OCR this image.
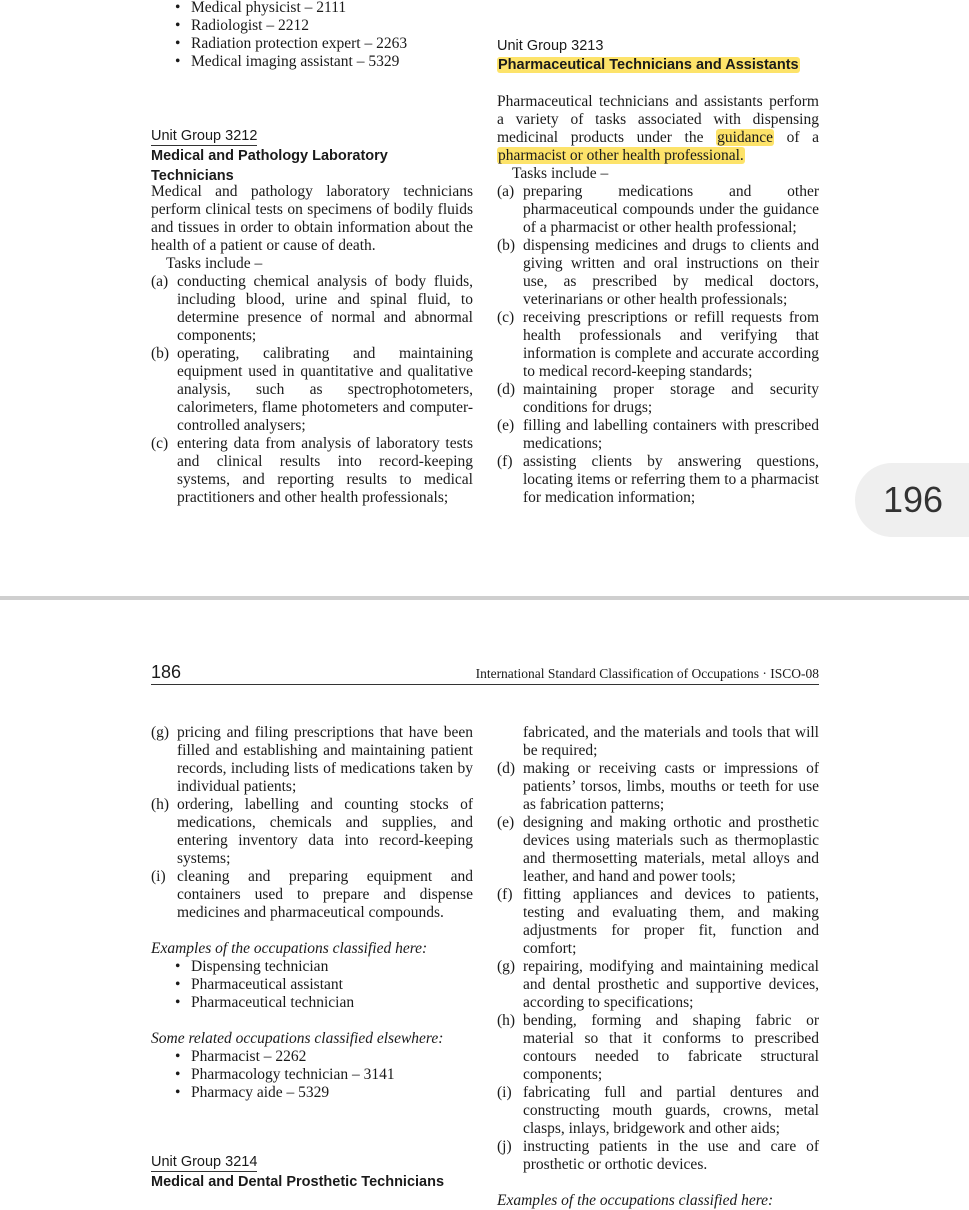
• Medical physicist – 2111
• Radiologist – 2212
• Radiation protection expert – 2263
• Medical imaging assistant – 5329
Unit Group 3212
Medical and Pathology Laboratory Technicians
Medical and pathology laboratory technicians perform clinical tests on specimens of bodily fluids and tissues in order to obtain information about the health of a patient or cause of death.
Tasks include –
(a) conducting chemical analysis of body fluids, including blood, urine and spinal fluid, to determine presence of normal and abnormal components;
(b) operating, calibrating and maintaining equipment used in quantitative and qualitative analysis, such as spectrophotometers, calorimeters, flame photometers and computer-controlled analysers;
(c) entering data from analysis of laboratory tests and clinical results into record-keeping systems, and reporting results to medical practitioners and other health professionals;
Unit Group 3213
Pharmaceutical Technicians and Assistants
Pharmaceutical technicians and assistants perform a variety of tasks associated with dispensing medicinal products under the guidance of a pharmacist or other health professional.
Tasks include –
(a) preparing medications and other pharmaceutical compounds under the guidance of a pharmacist or other health professional;
(b) dispensing medicines and drugs to clients and giving written and oral instructions on their use, as prescribed by medical doctors, veterinarians or other health professionals;
(c) receiving prescriptions or refill requests from health professionals and verifying that information is complete and accurate according to medical record-keeping standards;
(d) maintaining proper storage and security conditions for drugs;
(e) filling and labelling containers with prescribed medications;
(f) assisting clients by answering questions, locating items or referring them to a pharmacist for medication information;	196
186	International Standard Classification of Occupations · ISCO-08
(g) pricing and filing prescriptions that have been filled and establishing and maintaining patient records, including lists of medications taken by individual patients;
(h) ordering, labelling and counting stocks of medications, chemicals and supplies, and entering inventory data into record-keeping systems;
(i) cleaning and preparing equipment and containers used to prepare and dispense medicines and pharmaceutical compounds.
Examples of the occupations classified here:
• Dispensing technician
• Pharmaceutical assistant
• Pharmaceutical technician
Some related occupations classified elsewhere:
• Pharmacist – 2262
• Pharmacology technician – 3141
• Pharmacy aide – 5329
Unit Group 3214
Medical and Dental Prosthetic Technicians
fabricated, and the materials and tools that will be required;
(d) making or receiving casts or impressions of patients’ torsos, limbs, mouths or teeth for use as fabrication patterns;
(e) designing and making orthotic and prosthetic devices using materials such as thermoplastic and thermosetting materials, metal alloys and leather, and hand and power tools;
(f) fitting appliances and devices to patients, testing and evaluating them, and making adjustments for proper fit, function and comfort;
(g) repairing, modifying and maintaining medical and dental prosthetic and supportive devices, according to specifications;
(h) bending, forming and shaping fabric or material so that it conforms to prescribed contours needed to fabricate structural components;
(i) fabricating full and partial dentures and constructing mouth guards, crowns, metal clasps, inlays, bridgework and other aids;
(j) instructing patients in the use and care of prosthetic or orthotic devices.
Examples of the occupations classified here:
